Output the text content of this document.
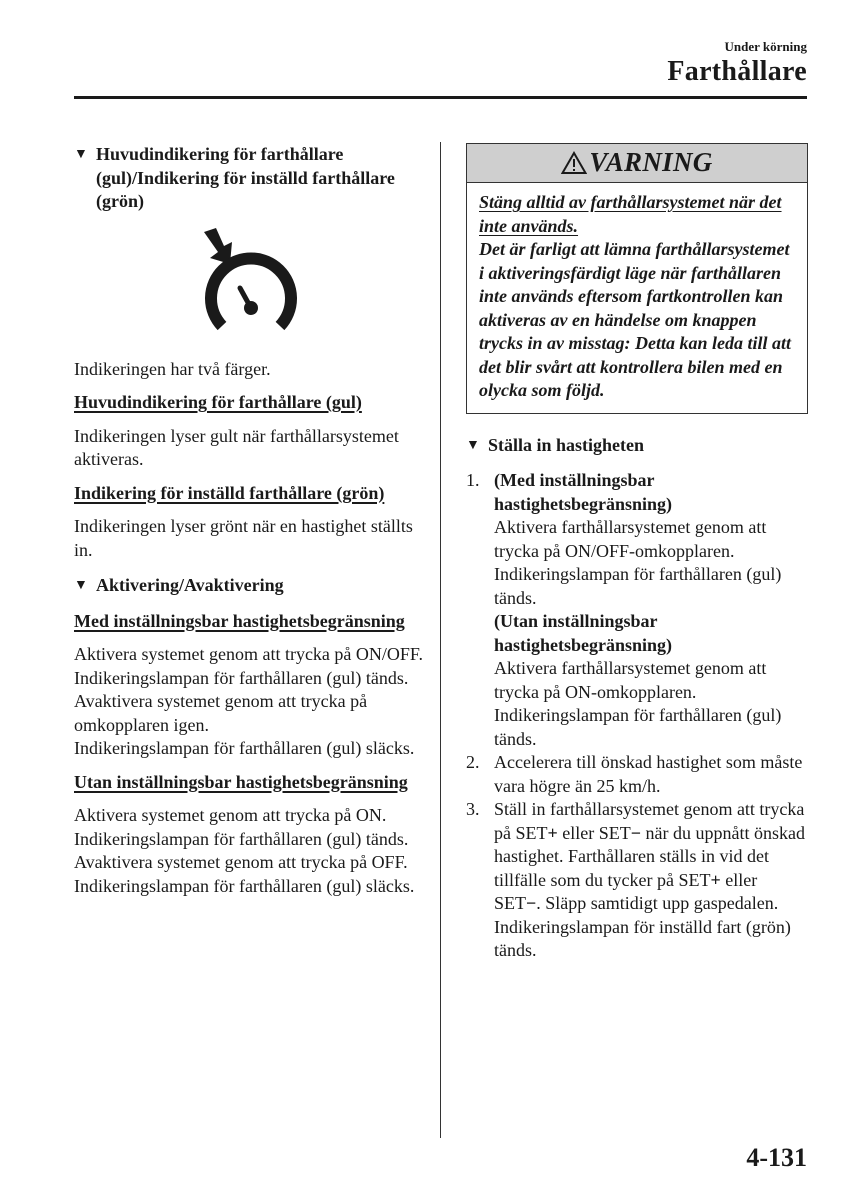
Under körning
Farthållare
▼ Huvudindikering för farthållare (gul)/Indikering för inställd farthållare (grön)
Indikeringen har två färger.
Huvudindikering för farthållare (gul)
Indikeringen lyser gult när farthållarsystemet aktiveras.
Indikering för inställd farthållare (grön)
Indikeringen lyser grönt när en hastighet ställts in.
▼ Aktivering/Avaktivering
Med inställningsbar hastighetsbegränsning
Aktivera systemet genom att trycka på ON/OFF. Indikeringslampan för farthållaren (gul) tänds.
Avaktivera systemet genom att trycka på omkopplaren igen.
Indikeringslampan för farthållaren (gul) släcks.
Utan inställningsbar hastighetsbegränsning
Aktivera systemet genom att trycka på ON. Indikeringslampan för farthållaren (gul) tänds.
Avaktivera systemet genom att trycka på OFF.
Indikeringslampan för farthållaren (gul) släcks.
VARNING
Stäng alltid av farthållarsystemet när det inte används.
Det är farligt att lämna farthållarsystemet i aktiveringsfärdigt läge när farthållaren inte används eftersom fartkontrollen kan aktiveras av en händelse om knappen trycks in av misstag: Detta kan leda till att det blir svårt att kontrollera bilen med en olycka som följd.
▼ Ställa in hastigheten
1. (Med inställningsbar hastighetsbegränsning)
Aktivera farthållarsystemet genom att trycka på ON/OFF-omkopplaren. Indikeringslampan för farthållaren (gul) tänds.
(Utan inställningsbar hastighetsbegränsning)
Aktivera farthållarsystemet genom att trycka på ON-omkopplaren. Indikeringslampan för farthållaren (gul) tänds.
2. Accelerera till önskad hastighet som måste vara högre än 25 km/h.
3. Ställ in farthållarsystemet genom att trycka på SET+ eller SET− när du uppnått önskad hastighet. Farthållaren ställs in vid det tillfälle som du tycker på SET+ eller SET−. Släpp samtidigt upp gaspedalen. Indikeringslampan för inställd fart (grön) tänds.
4-131
